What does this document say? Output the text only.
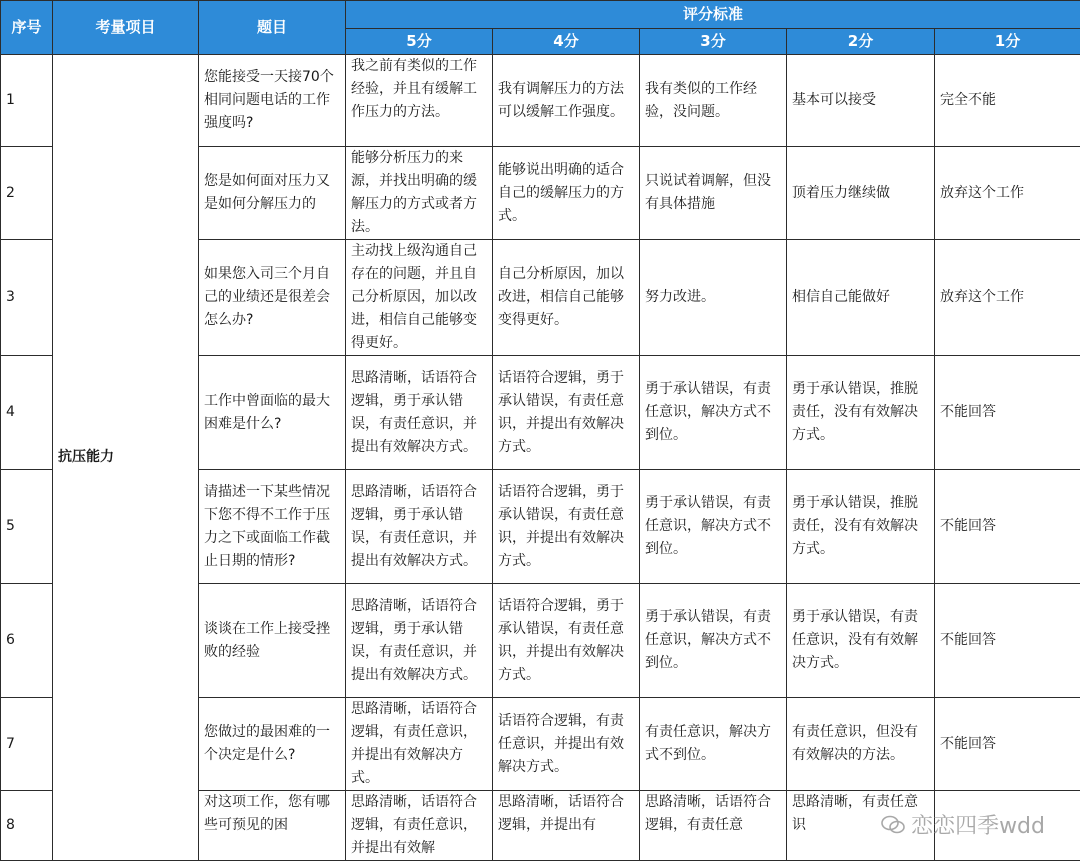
序号	考量项目	题目	评分标准				
			5分	4分	3分	2分	1分
1	抗压能力	您能接受一天接70个相同问题电话的工作强度吗?	我之前有类似的工作经验，并且有缓解工作压力的方法。	我有调解压力的方法可以缓解工作强度。	我有类似的工作经验，没问题。	基本可以接受	完全不能
2		您是如何面对压力又是如何分解压力的	能够分析压力的来源，并找出明确的缓解压力的方式或者方法。	能够说出明确的适合自己的缓解压力的方式。	只说试着调解，但没有具体措施	顶着压力继续做	放弃这个工作
3		如果您入司三个月自己的业绩还是很差会怎么办?	主动找上级沟通自己存在的问题，并且自己分析原因，加以改进，相信自己能够变得更好。	自己分析原因，加以改进，相信自己能够变得更好。	努力改进。	相信自己能做好	放弃这个工作
4		工作中曾面临的最大困难是什么?	思路清晰，话语符合逻辑，勇于承认错误，有责任意识，并提出有效解决方式。	话语符合逻辑，勇于承认错误，有责任意识，并提出有效解决方式。	勇于承认错误，有责任意识，解决方式不到位。	勇于承认错误，推脱责任，没有有效解决方式。	不能回答
5		请描述一下某些情况下您不得不工作于压力之下或面临工作截止日期的情形?	思路清晰，话语符合逻辑，勇于承认错误，有责任意识，并提出有效解决方式。	话语符合逻辑，勇于承认错误，有责任意识，并提出有效解决方式。	勇于承认错误，有责任意识，解决方式不到位。	勇于承认错误，推脱责任，没有有效解决方式。	不能回答
6		谈谈在工作上接受挫败的经验	思路清晰，话语符合逻辑，勇于承认错误，有责任意识，并提出有效解决方式。	话语符合逻辑，勇于承认错误，有责任意识，并提出有效解决方式。	勇于承认错误，有责任意识，解决方式不到位。	勇于承认错误，有责任意识，没有有效解决方式。	不能回答
7		您做过的最困难的一个决定是什么?	思路清晰，话语符合逻辑，有责任意识，并提出有效解决方式。	话语符合逻辑，有责任意识，并提出有效解决方式。	有责任意识，解决方式不到位。	有责任意识，但没有有效解决的方法。	不能回答
8		对这项工作，您有哪些可预见的困	思路清晰，话语符合逻辑，有责任意识，并提出有效解	思路清晰，话语符合逻辑，并提出有	思路清晰，话语符合逻辑，有责任意	思路清晰，有责任意识		恋恋四季wdd
